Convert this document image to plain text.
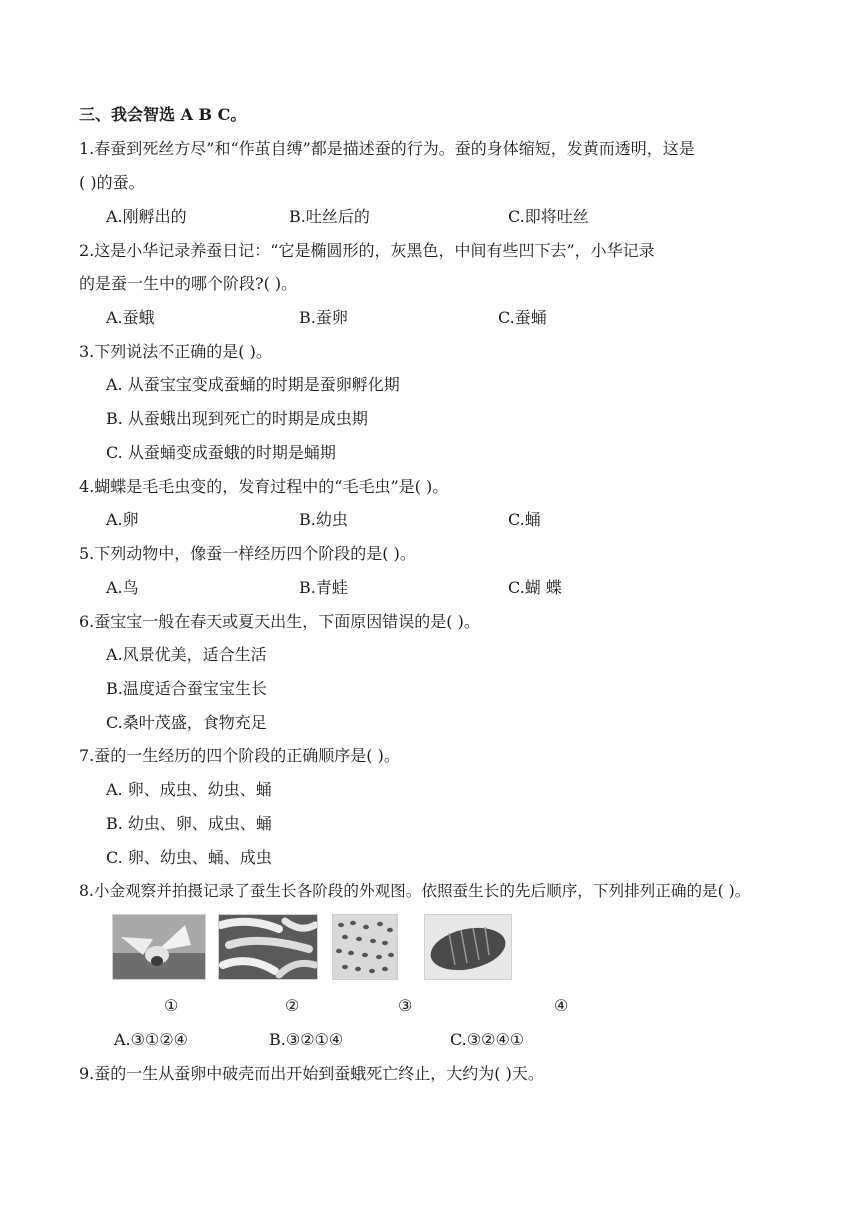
三、我会智选 A B C。
1.春蚕到死丝方尽”和“作茧自缚”都是描述蚕的行为。蚕的身体缩短，发黄而透明，这是
( )的蚕。
A.刚孵出的	B.吐丝后的	C.即将吐丝
2.这是小华记录养蚕日记：“它是椭圆形的，灰黑色，中间有些凹下去”，小华记录
的是蚕一生中的哪个阶段?( )。
A.蚕蛾	B.蚕卵	C.蚕蛹
3.下列说法不正确的是( )。
A. 从蚕宝宝变成蚕蛹的时期是蚕卵孵化期
B. 从蚕蛾出现到死亡的时期是成虫期
C. 从蚕蛹变成蚕蛾的时期是蛹期
4.蝴蝶是毛毛虫变的，发育过程中的“毛毛虫”是( )。
A.卵	B.幼虫	C.蛹
5.下列动物中，像蚕一样经历四个阶段的是( )。
A.鸟	B.青蛙	C.蝴 蝶
6.蚕宝宝一般在春天或夏天出生，下面原因错误的是( )。
A.风景优美，适合生活
B.温度适合蚕宝宝生长
C.桑叶茂盛，食物充足
7.蚕的一生经历的四个阶段的正确顺序是( )。
A. 卵、成虫、幼虫、蛹
B. 幼虫、卵、成虫、蛹
C. 卵、幼虫、蛹、成虫
8.小金观察并拍摄记录了蚕生长各阶段的外观图。依照蚕生长的先后顺序，下列排列正确的是( )。
①	②	③	④
A.③①②④	B.③②①④	C.③②④①
9.蚕的一生从蚕卵中破壳而出开始到蚕蛾死亡终止，大约为( )天。
